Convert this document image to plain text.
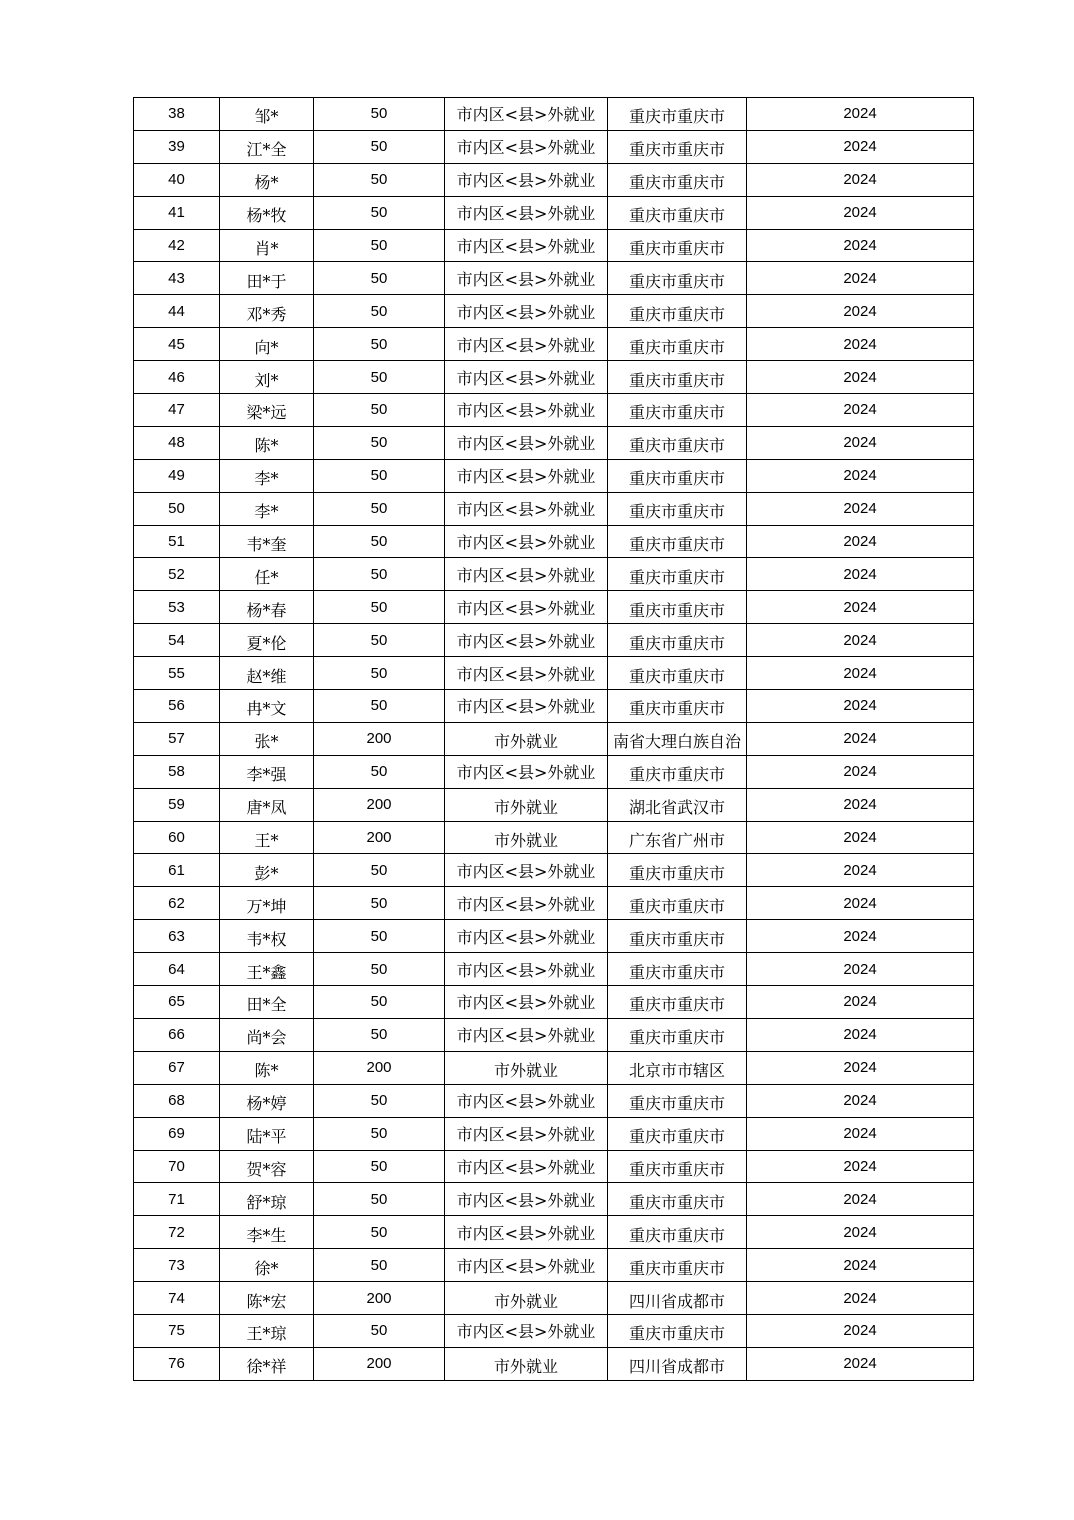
38	邹*	50	市内区<县>外就业	重庆市重庆市	2024
39	江*全	50	市内区<县>外就业	重庆市重庆市	2024
40	杨*	50	市内区<县>外就业	重庆市重庆市	2024
41	杨*牧	50	市内区<县>外就业	重庆市重庆市	2024
42	肖*	50	市内区<县>外就业	重庆市重庆市	2024
43	田*于	50	市内区<县>外就业	重庆市重庆市	2024
44	邓*秀	50	市内区<县>外就业	重庆市重庆市	2024
45	向*	50	市内区<县>外就业	重庆市重庆市	2024
46	刘*	50	市内区<县>外就业	重庆市重庆市	2024
47	梁*远	50	市内区<县>外就业	重庆市重庆市	2024
48	陈*	50	市内区<县>外就业	重庆市重庆市	2024
49	李*	50	市内区<县>外就业	重庆市重庆市	2024
50	李*	50	市内区<县>外就业	重庆市重庆市	2024
51	韦*奎	50	市内区<县>外就业	重庆市重庆市	2024
52	任*	50	市内区<县>外就业	重庆市重庆市	2024
53	杨*春	50	市内区<县>外就业	重庆市重庆市	2024
54	夏*伦	50	市内区<县>外就业	重庆市重庆市	2024
55	赵*维	50	市内区<县>外就业	重庆市重庆市	2024
56	冉*文	50	市内区<县>外就业	重庆市重庆市	2024
57	张*	200	市外就业	南省大理白族自治	2024
58	李*强	50	市内区<县>外就业	重庆市重庆市	2024
59	唐*凤	200	市外就业	湖北省武汉市	2024
60	王*	200	市外就业	广东省广州市	2024
61	彭*	50	市内区<县>外就业	重庆市重庆市	2024
62	万*坤	50	市内区<县>外就业	重庆市重庆市	2024
63	韦*权	50	市内区<县>外就业	重庆市重庆市	2024
64	王*鑫	50	市内区<县>外就业	重庆市重庆市	2024
65	田*全	50	市内区<县>外就业	重庆市重庆市	2024
66	尚*会	50	市内区<县>外就业	重庆市重庆市	2024
67	陈*	200	市外就业	北京市市辖区	2024
68	杨*婷	50	市内区<县>外就业	重庆市重庆市	2024
69	陆*平	50	市内区<县>外就业	重庆市重庆市	2024
70	贺*容	50	市内区<县>外就业	重庆市重庆市	2024
71	舒*琼	50	市内区<县>外就业	重庆市重庆市	2024
72	李*生	50	市内区<县>外就业	重庆市重庆市	2024
73	徐*	50	市内区<县>外就业	重庆市重庆市	2024
74	陈*宏	200	市外就业	四川省成都市	2024
75	王*琼	50	市内区<县>外就业	重庆市重庆市	2024
76	徐*祥	200	市外就业	四川省成都市	2024
